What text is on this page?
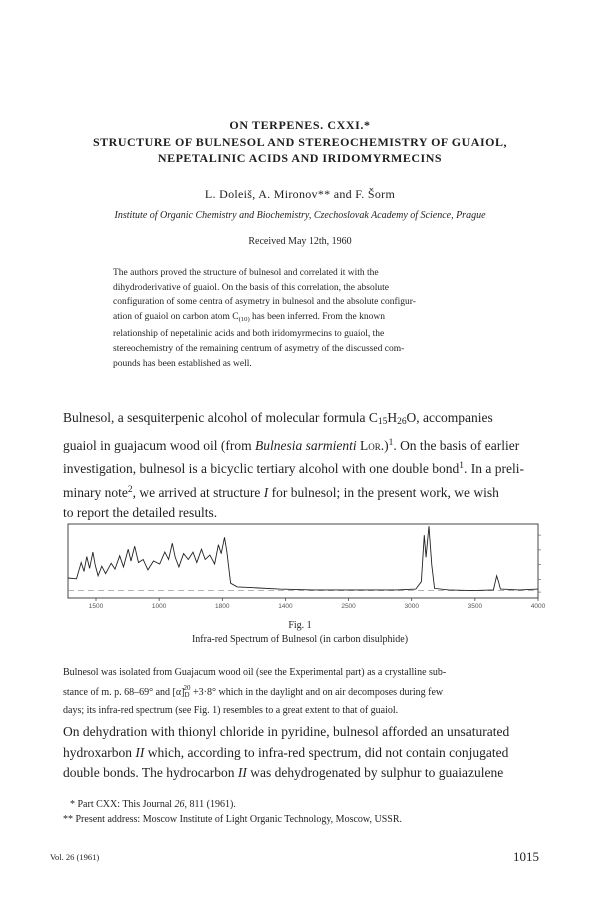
ON TERPENES. CXXI.*
STRUCTURE OF BULNESOL AND STEREOCHEMISTRY OF GUAIOL,
NEPETALINIC ACIDS AND IRIDOMYRMECINS
L. Doleiš, A. Mironov** and F. Šorm
Institute of Organic Chemistry and Biochemistry, Czechoslovak Academy of Science, Prague
Received May 12th, 1960
The authors proved the structure of bulnesol and correlated it with the
dihydroderivative of guaiol. On the basis of this correlation, the absolute
configuration of some centra of asymetry in bulnesol and the absolute configur-
ation of guaiol on carbon atom $C_{(10)}$ has been inferred. From the known
relationship of nepetalinic acids and both iridomyrmecins to guaiol, the
stereochemistry of the remaining centrum of asymetry of the discussed com-
pounds has been established as well.
Bulnesol, a sesquiterpenic alcohol of molecular formula $C_{15}H_{26}O$, accompanies
guaiol in guajacum wood oil (from Bulnesia sarmienti Lor.)$^1$. On the basis of earlier
investigation, bulnesol is a bicyclic tertiary alcohol with one double bond$^1$. In a preli-
minary note$^2$, we arrived at structure I for bulnesol; in the present work, we wish
to report the detailed results.
1500	1000	1800	1400	2500	3000	3500	4000
Fig. 1
Infra-red Spectrum of Bulnesol (in carbon disulphide)
Bulnesol was isolated from Guajacum wood oil (see the Experimental part) as a crystalline sub-
stance of m. p. 68–69° and $[\alpha]_D^{20} +3\cdot 8^\circ$ which in the daylight and on air decomposes during few
days; its infra-red spectrum (see Fig. 1) resembles to a great extent to that of guaiol.
On dehydration with thionyl chloride in pyridine, bulnesol afforded an unsaturated
hydroxarbon II which, according to infra-red spectrum, did not contain conjugated
double bonds. The hydrocarbon II was dehydrogenated by sulphur to guaiazulene
* Part CXX: This Journal 26, 811 (1961).
** Present address: Moscow Institute of Light Organic Technology, Moscow, USSR.
Vol. 26 (1961)	1015
